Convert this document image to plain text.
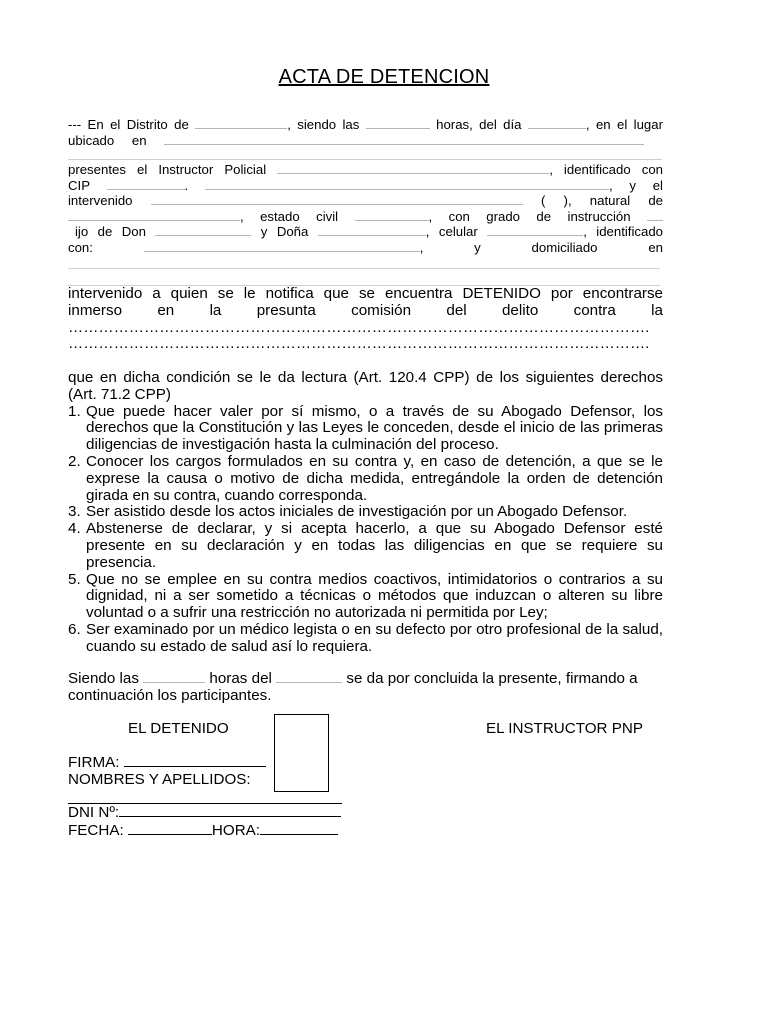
ACTA DE DETENCION
--- En el Distrito de	, siendo las	horas, del día	, en el lugar
ubicado en
presentes el Instructor Policial	, identificado con
CIP	.	, y el
intervenido	( ), natural de
, estado civil	, con grado de instrucción
ijo de Don	y Doña	, celular	, identificado
con:	,	y	domiciliado	en
intervenido a quien se le notifica que se encuentra DETENIDO por encontrarse
inmerso en la presunta comisión del delito contra la
…………………………………………………………………………………………………….
…………………………………………………………………………………………………….
que en dicha condición se le da lectura (Art. 120.4 CPP) de los siguientes derechos (Art. 71.2 CPP)
1. Que puede hacer valer por sí mismo, o a través de su Abogado Defensor, los derechos que la Constitución y las Leyes le conceden, desde el inicio de las primeras diligencias de investigación hasta la culminación del proceso.
2. Conocer los cargos formulados en su contra y, en caso de detención, a que se le exprese la causa o motivo de dicha medida, entregándole la orden de detención girada en su contra, cuando corresponda.
3. Ser asistido desde los actos iniciales de investigación por un Abogado Defensor.
4. Abstenerse de declarar, y si acepta hacerlo, a que su Abogado Defensor esté presente en su declaración y en todas las diligencias en que se requiere su presencia.
5. Que no se emplee en su contra medios coactivos, intimidatorios o contrarios a su dignidad, ni a ser sometido a técnicas o métodos que induzcan o alteren su libre voluntad o a sufrir una restricción no autorizada ni permitida por Ley;
6. Ser examinado por un médico legista o en su defecto por otro profesional de la salud, cuando su estado de salud así lo requiera.
Siendo las	horas del	se da por concluida la presente, firmando a
continuación los participantes.
EL DETENIDO	EL INSTRUCTOR PNP
FIRMA:
NOMBRES Y APELLIDOS:
DNI Nº:
FECHA:	HORA:
